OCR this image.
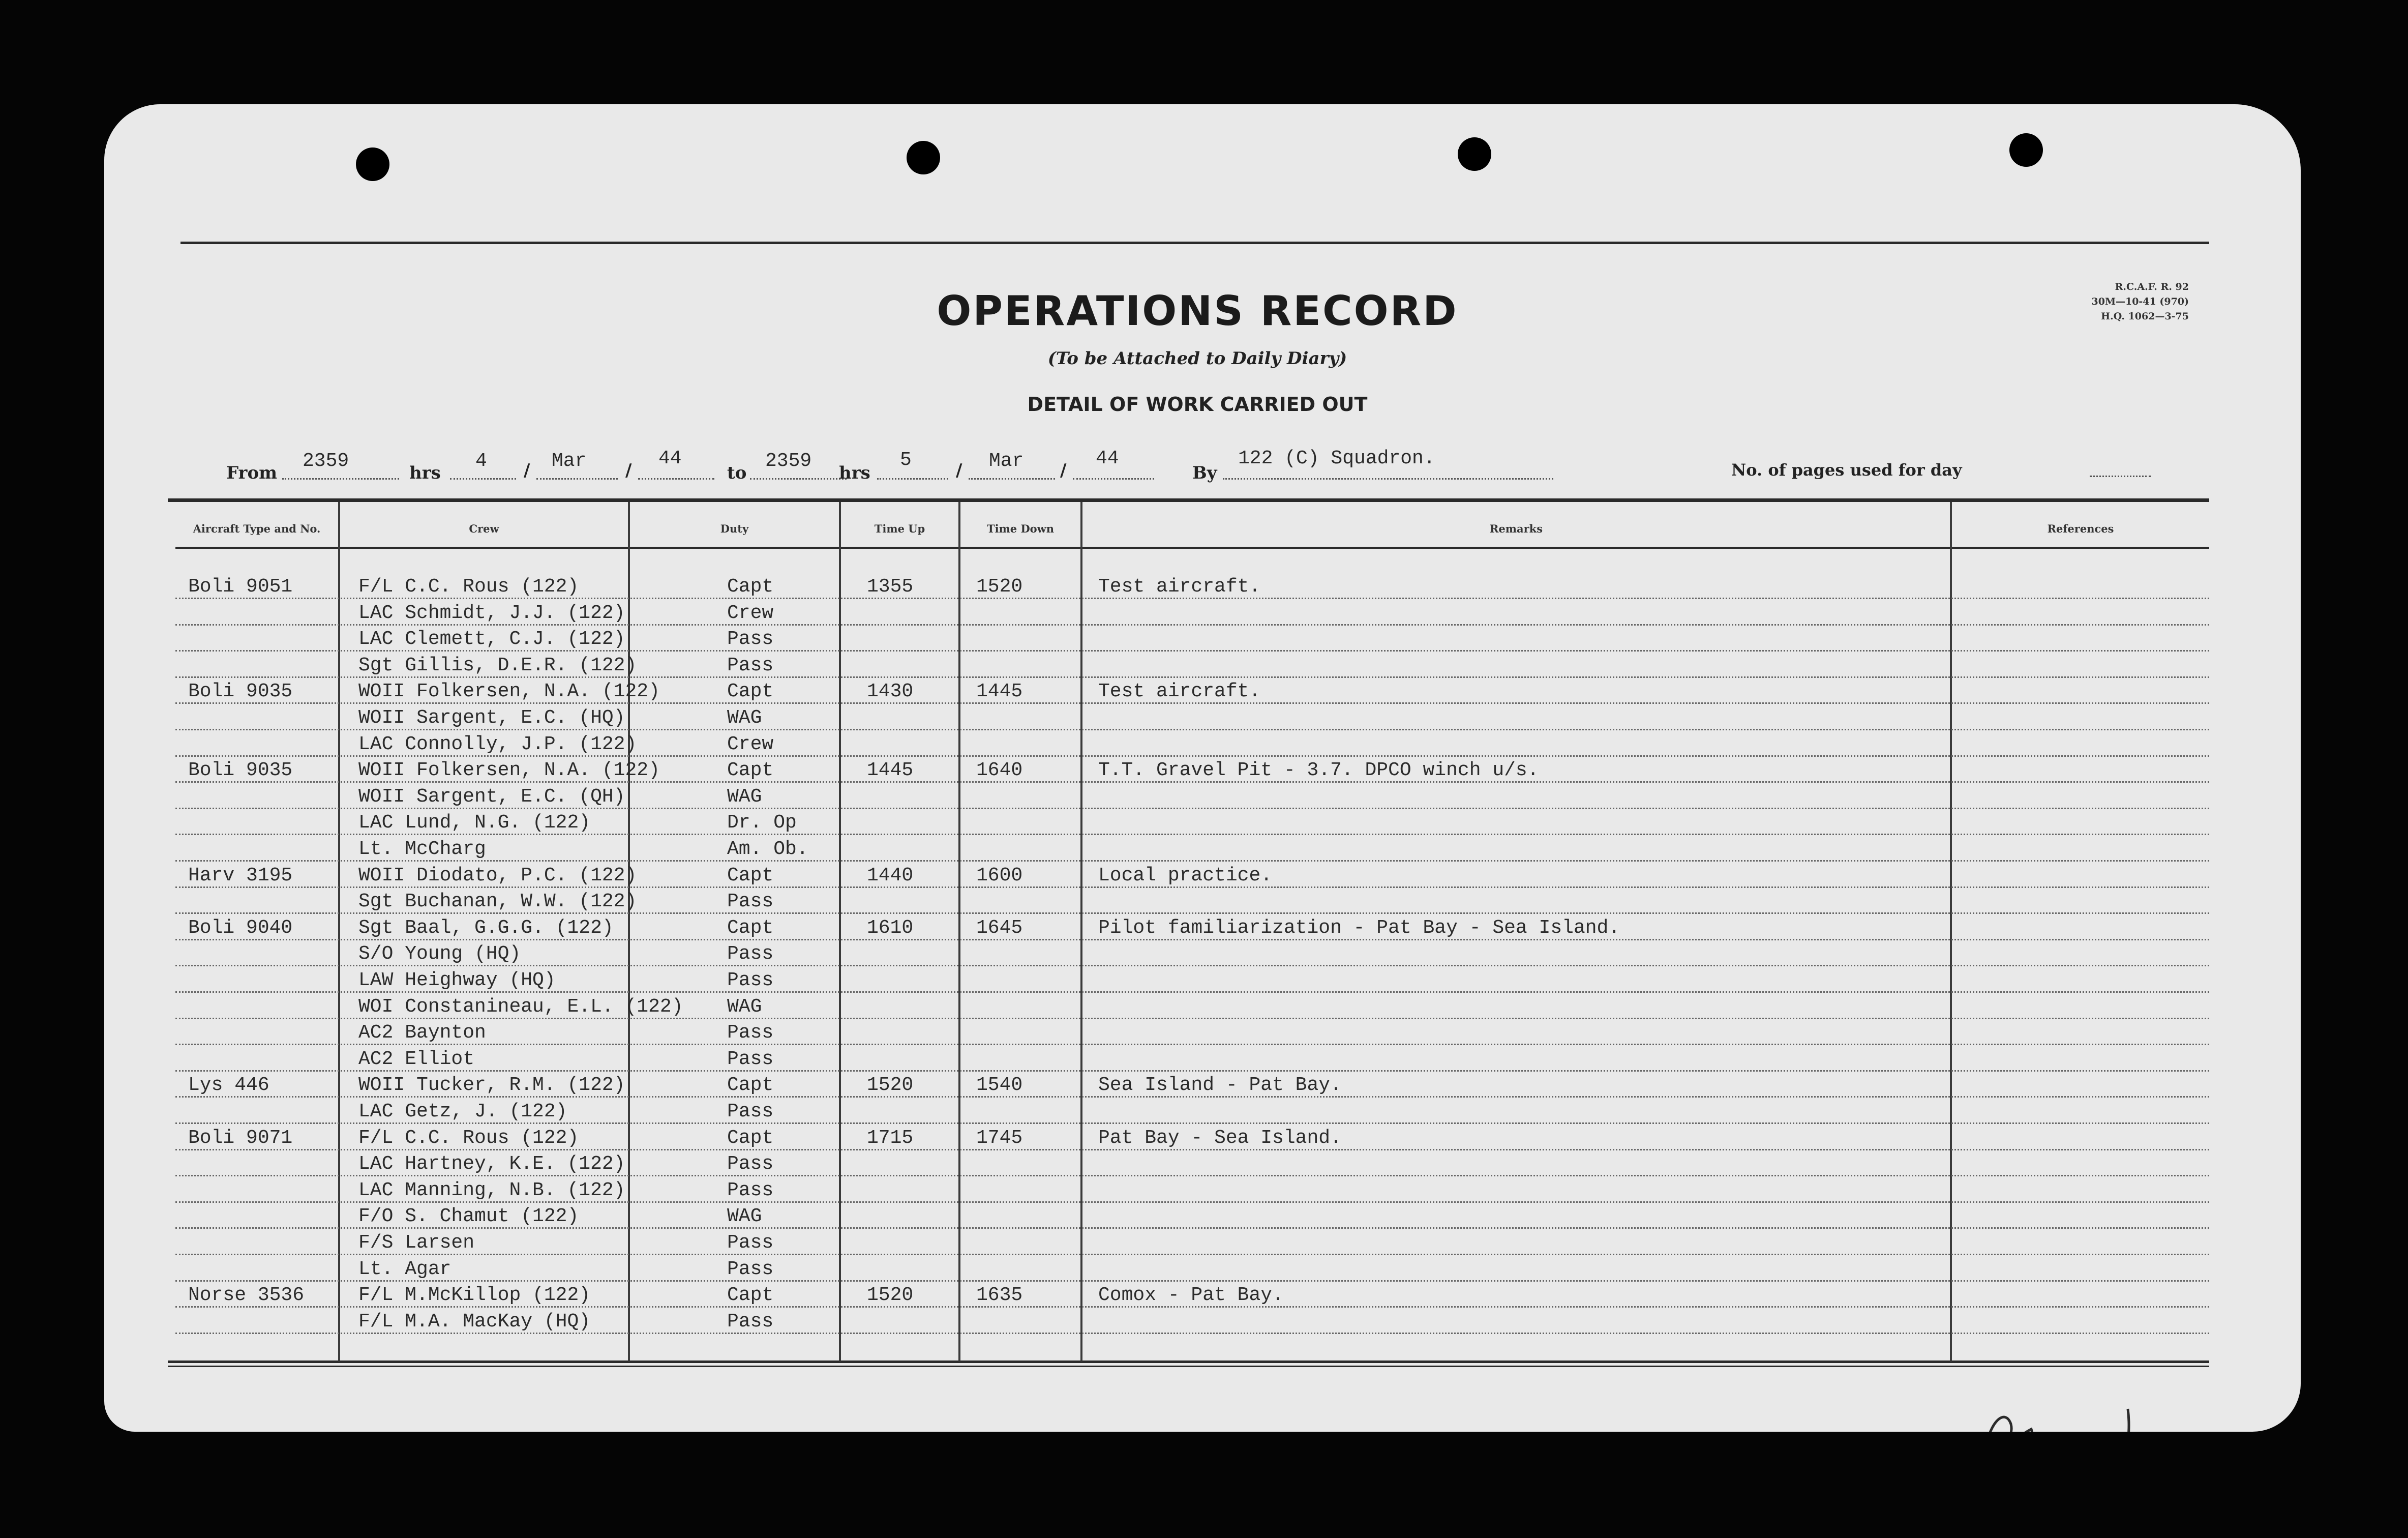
OPERATIONS RECORD
(To be Attached to Daily Diary)
DETAIL OF WORK CARRIED OUT
R.C.A.F. R. 92
30M—10-41 (970)
H.Q. 1062—3-75
From
2359
hrs
4 / Mar /
44
to
2359
hrs
5	/ Mar /
44
By
122 (C) Squadron.
No. of pages used for day
Aircraft Type and No.	Crew	Duty	Time Up	Time Down	Remarks	References
Boli 9051	F/L C.C. Rous (122)	Capt	1355	1520	Test aircraft.
LAC Schmidt, J.J. (122)	Crew
LAC Clemett, C.J. (122)	Pass
Sgt Gillis, D.E.R. (122)	Pass
Boli 9035	WOII Folkersen, N.A. (122)	Capt	1430	1445	Test aircraft.
WOII Sargent, E.C. (HQ)	WAG
LAC Connolly, J.P. (122)	Crew
Boli 9035	WOII Folkersen, N.A. (122)	Capt	1445	1640	T.T. Gravel Pit - 3.7. DPCO winch u/s.
WOII Sargent, E.C. (QH)	WAG
LAC Lund, N.G. (122)	Dr. Op
Lt. McCharg	Am. Ob.
Harv 3195	WOII Diodato, P.C. (122)	Capt	1440	1600	Local practice.
Sgt Buchanan, W.W. (122)	Pass
Boli 9040	Sgt Baal, G.G.G. (122)	Capt	1610	1645	Pilot familiarization - Pat Bay - Sea Island.
S/O Young (HQ)	Pass
LAW Heighway (HQ)	Pass
WOI Constanineau, E.L. (122) WAG
AC2 Baynton	Pass
AC2 Elliot	Pass
Lys 446	WOII Tucker, R.M. (122)	Capt	1520	1540	Sea Island - Pat Bay.
LAC Getz, J. (122)	Pass
Boli 9071	F/L C.C. Rous (122)	Capt	1715	1745	Pat Bay - Sea Island.
LAC Hartney, K.E. (122)	Pass
LAC Manning, N.B. (122)	Pass
F/O S. Chamut (122)	WAG
F/S Larsen	Pass
Lt. Agar	Pass
Norse 3536	F/L M.McKillop (122)	Capt	1520	1635	Comox - Pat Bay.
F/L M.A. MacKay (HQ)	Pass
